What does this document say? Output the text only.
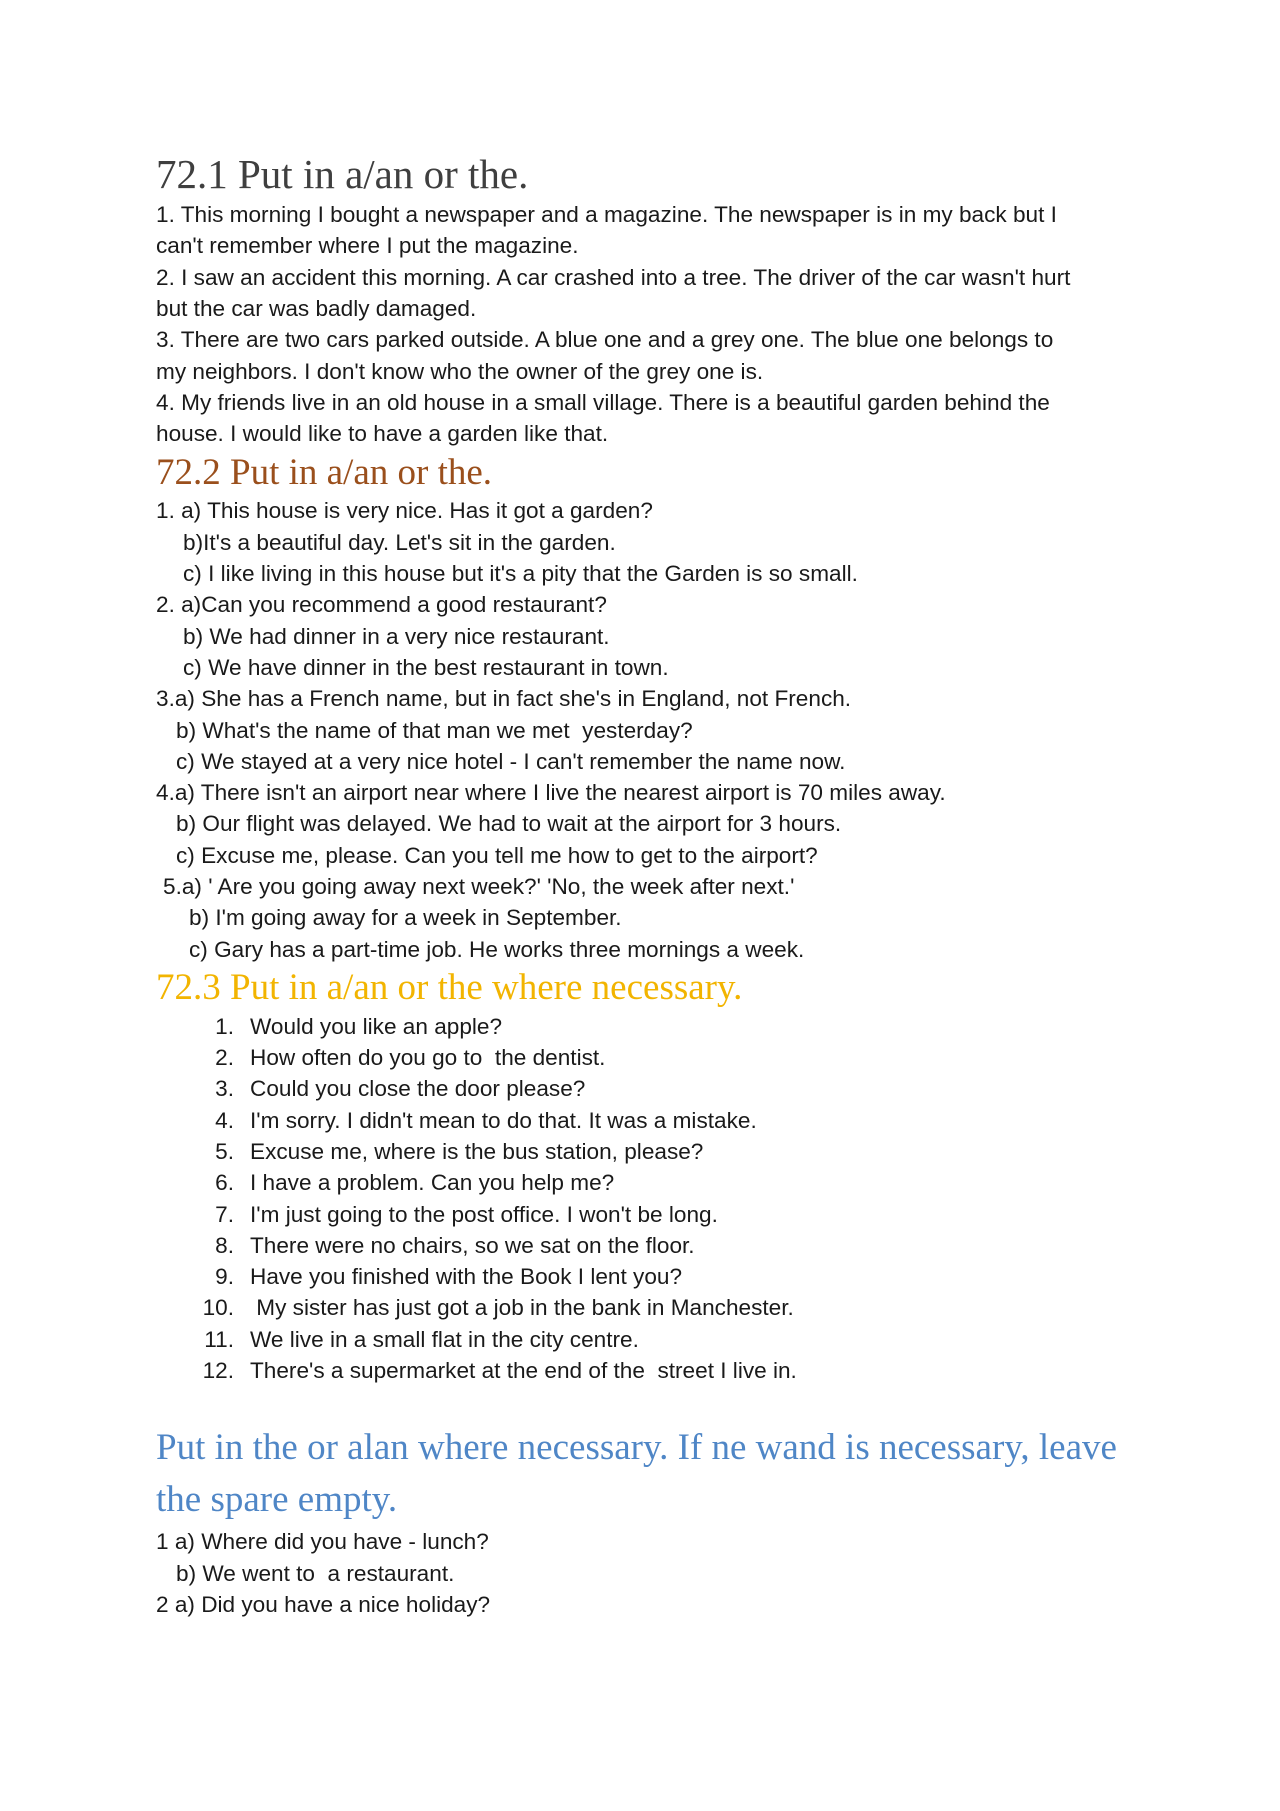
72.1 Put in a/an or the.

1. This morning I bought a newspaper and a magazine. The newspaper is in my back but I

can't remember where I put the magazine.

2. I saw an accident this morning. A car crashed into a tree. The driver of the car wasn't hurt

but the car was badly damaged.

3. There are two cars parked outside. A blue one and a grey one. The blue one belongs to

my neighbors. I don't know who the owner of the grey one is.

4. My friends live in an old house in a small village. There is a beautiful garden behind the

house. I would like to have a garden like that.

72.2 Put in a/an or the.

1. a) This house is very nice. Has it got a garden?

b)It's a beautiful day. Let's sit in the garden.

c) I like living in this house but it's a pity that the Garden is so small.

2. a)Can you recommend a good restaurant?

b) We had dinner in a very nice restaurant.

c) We have dinner in the best restaurant in town.

3.a) She has a French name, but in fact she's in England, not French.

b) What's the name of that man we met  yesterday?

c) We stayed at a very nice hotel - I can't remember the name now.

4.a) There isn't an airport near where I live the nearest airport is 70 miles away.

b) Our flight was delayed. We had to wait at the airport for 3 hours.

c) Excuse me, please. Can you tell me how to get to the airport?

5.a) ' Are you going away next week?' 'No, the week after next.'

b) I'm going away for a week in September.

c) Gary has a part-time job. He works three mornings a week.

72.3 Put in a/an or the where necessary.
1. Would you like an apple?
2. How often do you go to  the dentist.
3. Could you close the door please?
4. I'm sorry. I didn't mean to do that. It was a mistake.
5. Excuse me, where is the bus station, please?
6. I have a problem. Can you help me?
7. I'm just going to the post office. I won't be long.
8. There were no chairs, so we sat on the floor.
9. Have you finished with the Book I lent you?
10. My sister has just got a job in the bank in Manchester.
11. We live in a small flat in the city centre.
12. There's a supermarket at the end of the  street I live in.
Put in the or alan where necessary. If ne wand is necessary, leave the spare empty.

1 a) Where did you have - lunch?

b) We went to  a restaurant.

2 a) Did you have a nice holiday?
